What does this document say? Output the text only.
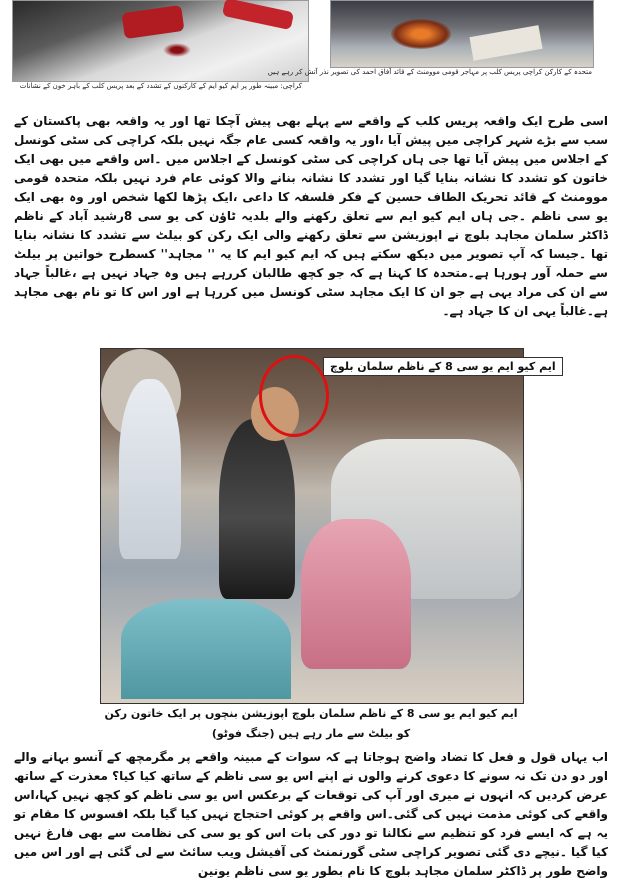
کراچی: مبینہ طور پر ایم کیو ایم کے کارکنوں کے تشدد کے بعد پریس کلب کے باہر خون کے نشانات
متحدہ کے کارکن کراچی پریس کلب پر مہاجر قومی موومنٹ کے قائد آفاق احمد کی تصویر نذر آتش کر رہے ہیں
اسی طرح ایک واقعہ پریس کلب کے واقعے سے پہلے بھی پیش آچکا تھا اور یہ واقعہ بھی پاکستان کے سب سے بڑے شہر کراچی میں پیش آیا ،اور یہ واقعہ کسی عام جگہ نہیں بلکہ کراچی کی سٹی کونسل کے اجلاس میں پیش آیا تھا جی ہاں کراچی کی سٹی کونسل کے اجلاس میں ۔اس واقعے میں بھی ایک خاتون کو تشدد کا نشانہ بنایا گیا اور تشدد کا نشانہ بنانے والا کوئی عام فرد نہیں بلکہ متحدہ قومی موومنٹ کے قائد تحریک الطاف حسین کے فکر فلسفہ کا داعی ،ایک پڑھا لکھا شخص اور وہ بھی ایک یو سی ناظم ۔جی ہاں ایم کیو ایم سے تعلق رکھنے والے بلدیہ ٹاؤن کی یو سی 8رشید آباد کے ناظم ڈاکٹر سلمان مجاہد بلوچ نے اپوزیشن سے تعلق رکھنے والی ایک رکن کو بیلٹ سے تشدد کا نشانہ بنایا تھا ۔جیسا کہ آپ تصویر میں دیکھ سکتے ہیں کہ ایم کیو ایم کا یہ '' مجاہد'' کسطرح خواتین پر بیلٹ سے حملہ آور ہورہا ہے۔متحدہ کا کہنا ہے کہ جو کچھ طالبان کررہے ہیں وہ جہاد نہیں ہے ،غالباً جہاد سے ان کی مراد یہی ہے جو ان کا ایک مجاہد سٹی کونسل میں کررہا ہے اور اس کا تو نام بھی مجاہد ہے۔غالباً یہی ان کا جہاد ہے۔
ایم کیو ایم یو سی 8 کے ناظم سلمان بلوچ
ایم کیو ایم یو سی 8 کے ناظم سلمان بلوچ اپوزیشن بنچوں پر ایک خاتون رکن کو بیلٹ سے مار رہے ہیں (جنگ فوٹو)
اب یہاں قول و فعل کا تضاد واضح ہوجاتا ہے کہ سوات کے مبینہ واقعے پر مگرمچھ کے آنسو بہانے والے اور دو دن تک نہ سونے کا دعوی کرنے والوں نے اپنے اس یو سی ناظم کے ساتھ کیا کیا؟ معذرت کے ساتھ عرض کردیں کہ انہوں نے میری اور آپ کی توقعات کے برعکس اس یو سی ناظم کو کچھ نہیں کہا،اس واقعے کی کوئی مذمت نہیں کی گئی۔اس واقعے پر کوئی احتجاج نہیں کیا گیا بلکہ افسوس کا مقام تو یہ ہے کہ ایسے فرد کو تنظیم سے نکالنا تو دور کی بات اس کو یو سی کی نظامت سے بھی فارغ نہیں کیا گیا ۔نیچے دی گئی تصویر کراچی سٹی گورنمنٹ کی آفیشل ویب سائٹ سے لی گئی ہے اور اس میں واضح طور پر ڈاکٹر سلمان مجاہد بلوچ کا نام بطور یو سی ناظم یونین
